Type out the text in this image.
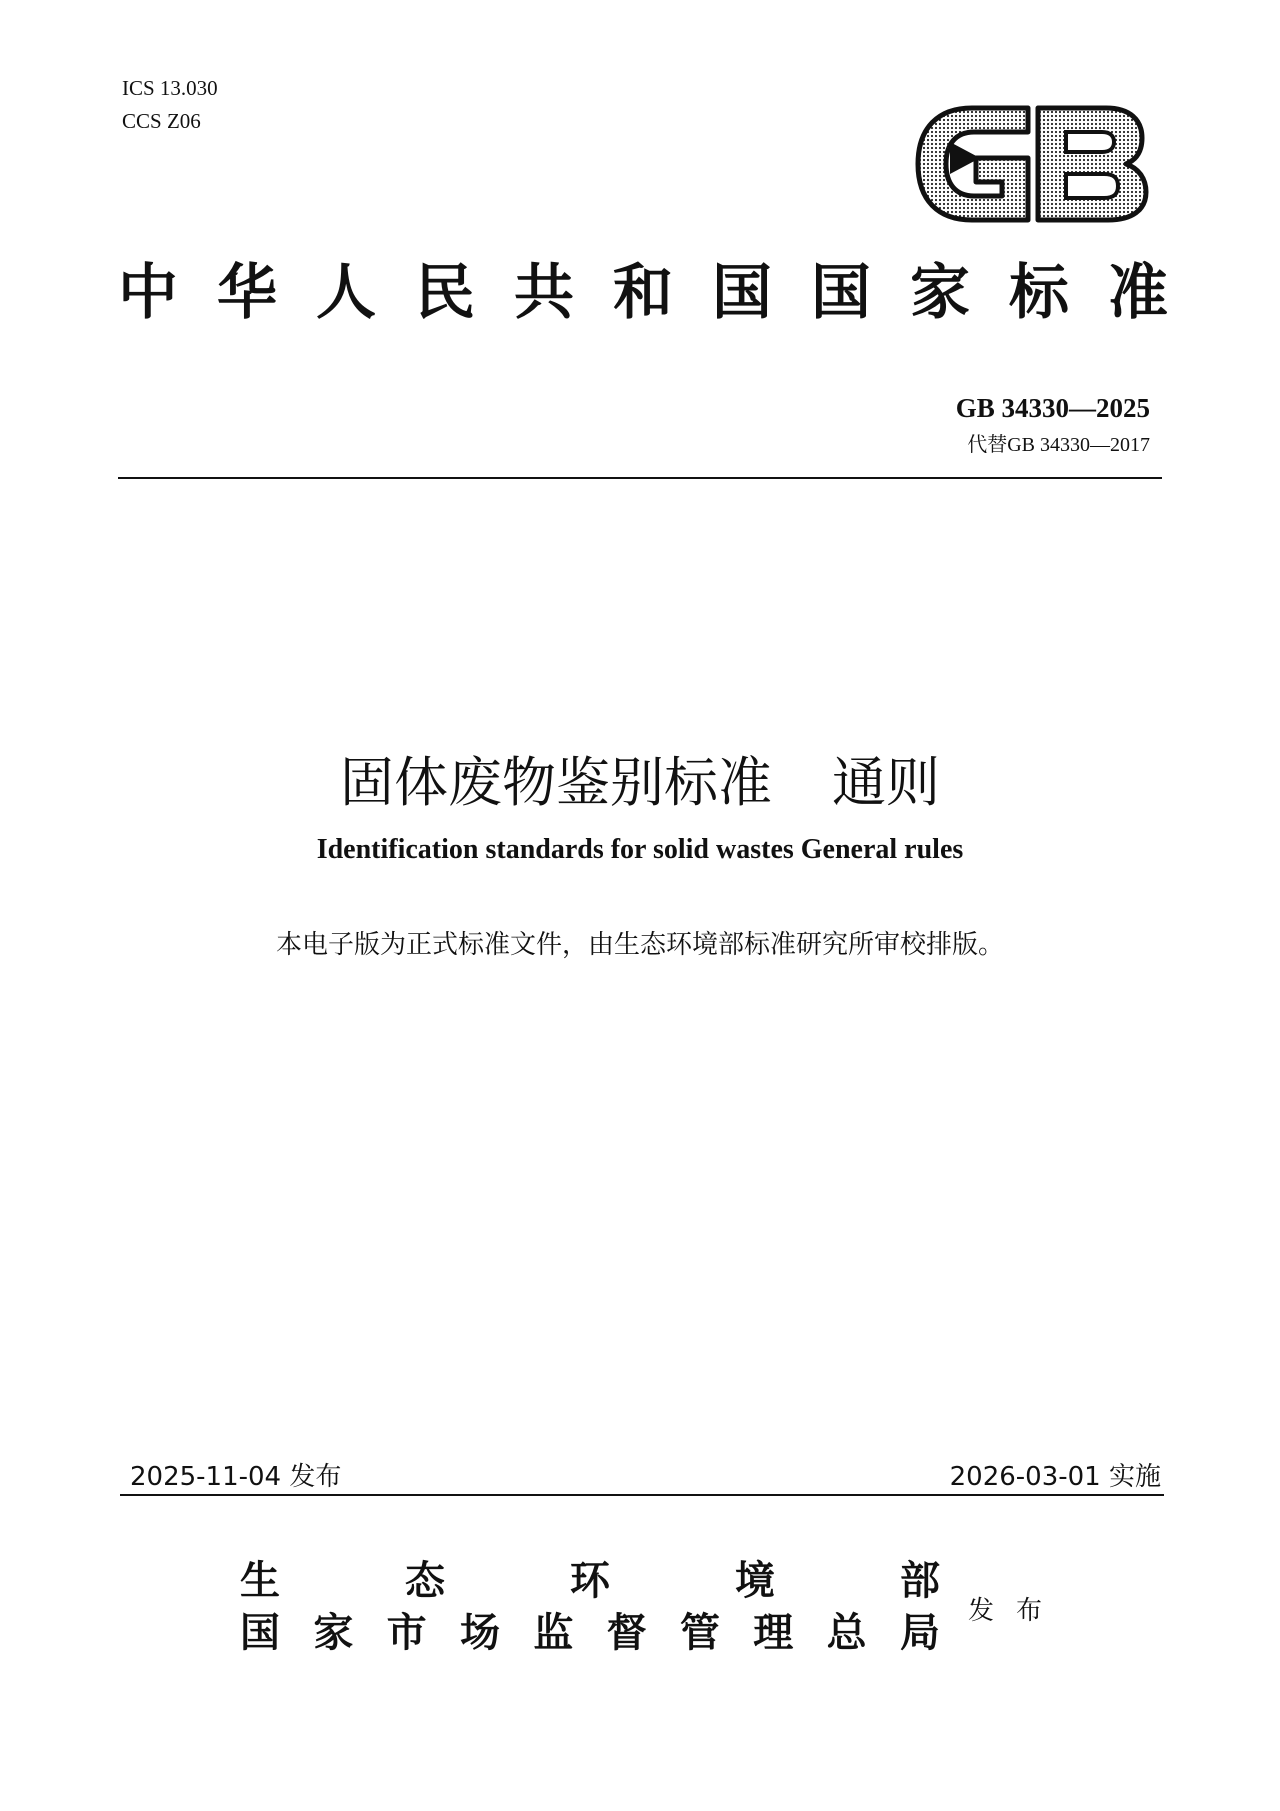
ICS 13.030
CCS Z06
中 华 人 民 共 和 国 国 家 标 准
GB 34330—2025
代替GB 34330—2017
固体废物鉴别标准 通则
Identification standards for solid wastes General rules
本电子版为正式标准文件，由生态环境部标准研究所审校排版。
2025-11-04 发布	2026-03-01 实施
生	态	环	境	部
国 家 市 场 监 督 管 理 总 局 发布
